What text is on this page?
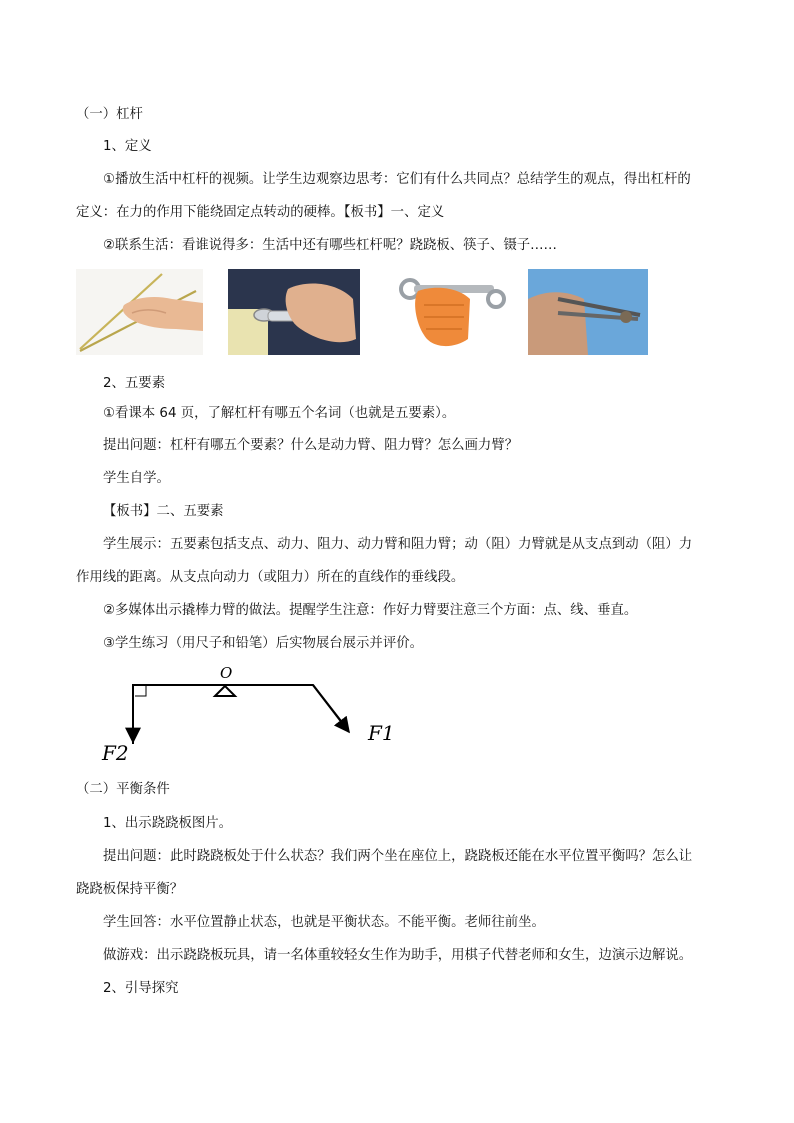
（一）杠杆
1、定义
①播放生活中杠杆的视频。让学生边观察边思考：它们有什么共同点？总结学生的观点，得出杠杆的
定义：在力的作用下能绕固定点转动的硬棒。【板书】一、定义
②联系生活：看谁说得多：生活中还有哪些杠杆呢？跷跷板、筷子、镊子……
2、五要素
①看课本 64 页，了解杠杆有哪五个名词（也就是五要素）。
提出问题：杠杆有哪五个要素？什么是动力臂、阻力臂？怎么画力臂？
学生自学。
【板书】二、五要素
学生展示：五要素包括支点、动力、阻力、动力臂和阻力臂；动（阻）力臂就是从支点到动（阻）力
作用线的距离。从支点向动力（或阻力）所在的直线作的垂线段。
②多媒体出示撬棒力臂的做法。提醒学生注意：作好力臂要注意三个方面：点、线、垂直。
③学生练习（用尺子和铅笔）后实物展台展示并评价。
O
F1
F2
（二）平衡条件
1、出示跷跷板图片。
提出问题：此时跷跷板处于什么状态？我们两个坐在座位上，跷跷板还能在水平位置平衡吗？怎么让
跷跷板保持平衡？
学生回答：水平位置静止状态，也就是平衡状态。不能平衡。老师往前坐。
做游戏：出示跷跷板玩具，请一名体重较轻女生作为助手，用棋子代替老师和女生，边演示边解说。
2、引导探究
